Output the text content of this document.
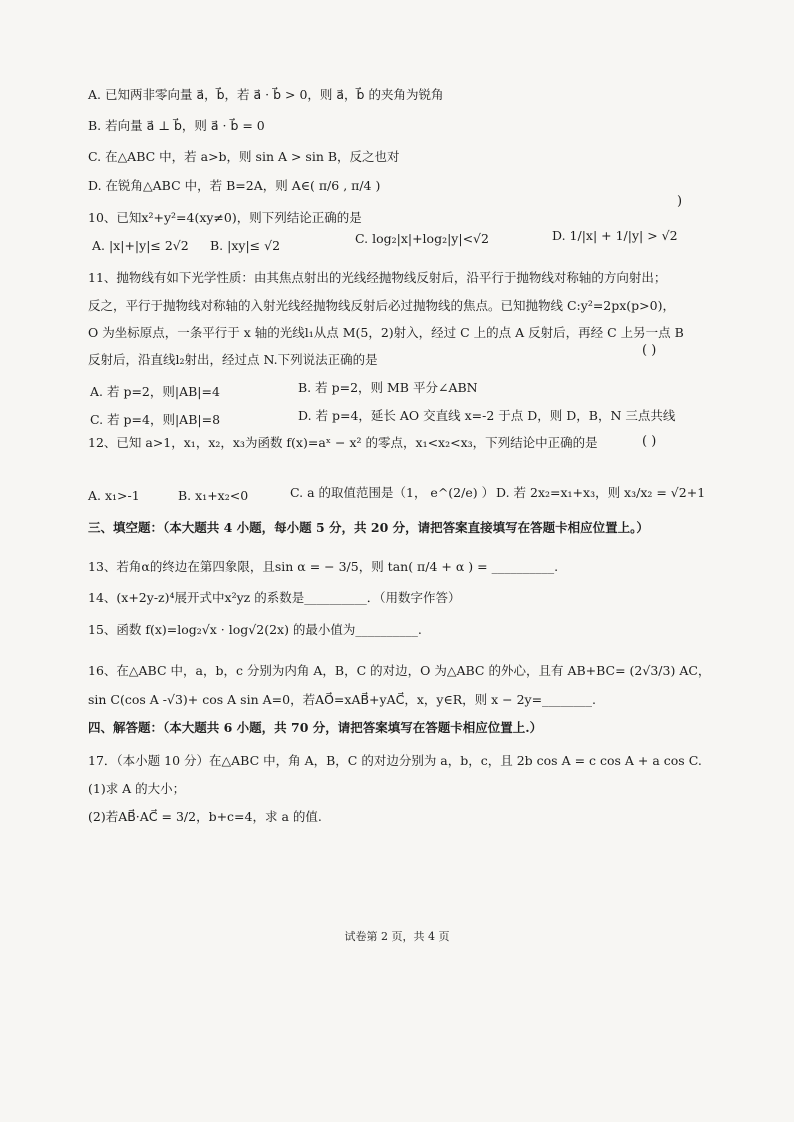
A. 已知两非零向量 a⃗，b⃗，若 a⃗ · b⃗ > 0，则 a⃗，b⃗ 的夹角为锐角
B. 若向量 a⃗ ⊥ b⃗，则 a⃗ · b⃗ = 0
C. 在△ABC 中，若 a>b，则 sin A > sin B，反之也对
D. 在锐角△ABC 中，若 B=2A，则 A∈( π/6 , π/4 )
)
10、已知x²+y²=4(xy≠0)，则下列结论正确的是
A. |x|+|y|≤ 2√2 B. |xy|≤ √2	C. log₂|x|+log₂|y|<√2	D. 1/|x| + 1/|y| > √2
11、抛物线有如下光学性质：由其焦点射出的光线经抛物线反射后，沿平行于抛物线对称轴的方向射出；
反之，平行于抛物线对称轴的入射光线经抛物线反射后必过抛物线的焦点。已知抛物线 C:y²=2px(p>0)，
O 为坐标原点，一条平行于 x 轴的光线l₁从点 M(5，2)射入，经过 C 上的点 A 反射后，再经 C 上另一点 B
反射后，沿直线l₂射出，经过点 N.下列说法正确的是
( )
A. 若 p=2，则|AB|=4	B. 若 p=2，则 MB 平分∠ABN
C. 若 p=4，则|AB|=8	D. 若 p=4，延长 AO 交直线 x=-2 于点 D，则 D，B，N 三点共线
12、已知 a>1，x₁，x₂，x₃为函数 f(x)=aˣ − x² 的零点，x₁<x₂<x₃，下列结论中正确的是	( )
A. x₁>-1	B. x₁+x₂<0	C. a 的取值范围是（1， e^(2/e) ） D. 若 2x₂=x₁+x₃，则 x₃/x₂ = √2+1
三、填空题：（本大题共 4 小题，每小题 5 分，共 20 分，请把答案直接填写在答题卡相应位置上。）
13、若角α的终边在第四象限，且sin α = − 3/5，则 tan( π/4 + α ) = __________.
14、(x+2y-z)⁴展开式中x²yz 的系数是__________．（用数字作答）
15、函数 f(x)=log₂√x · log√2(2x) 的最小值为__________.
16、在△ABC 中，a，b，c 分别为内角 A，B，C 的对边，O 为△ABC 的外心，且有 AB+BC= (2√3/3) AC，
sin C(cos A -√3)+ cos A sin A=0，若AO⃗=xAB⃗+yAC⃗，x，y∈R，则 x − 2y=________.
四、解答题：（本大题共 6 小题，共 70 分，请把答案填写在答题卡相应位置上.）
17．（本小题 10 分）在△ABC 中，角 A，B，C 的对边分别为 a，b，c，且 2b cos A = c cos A + a cos C.
(1)求 A 的大小；
(2)若AB⃗·AC⃗ = 3/2，b+c=4，求 a 的值.
试卷第 2 页，共 4 页
